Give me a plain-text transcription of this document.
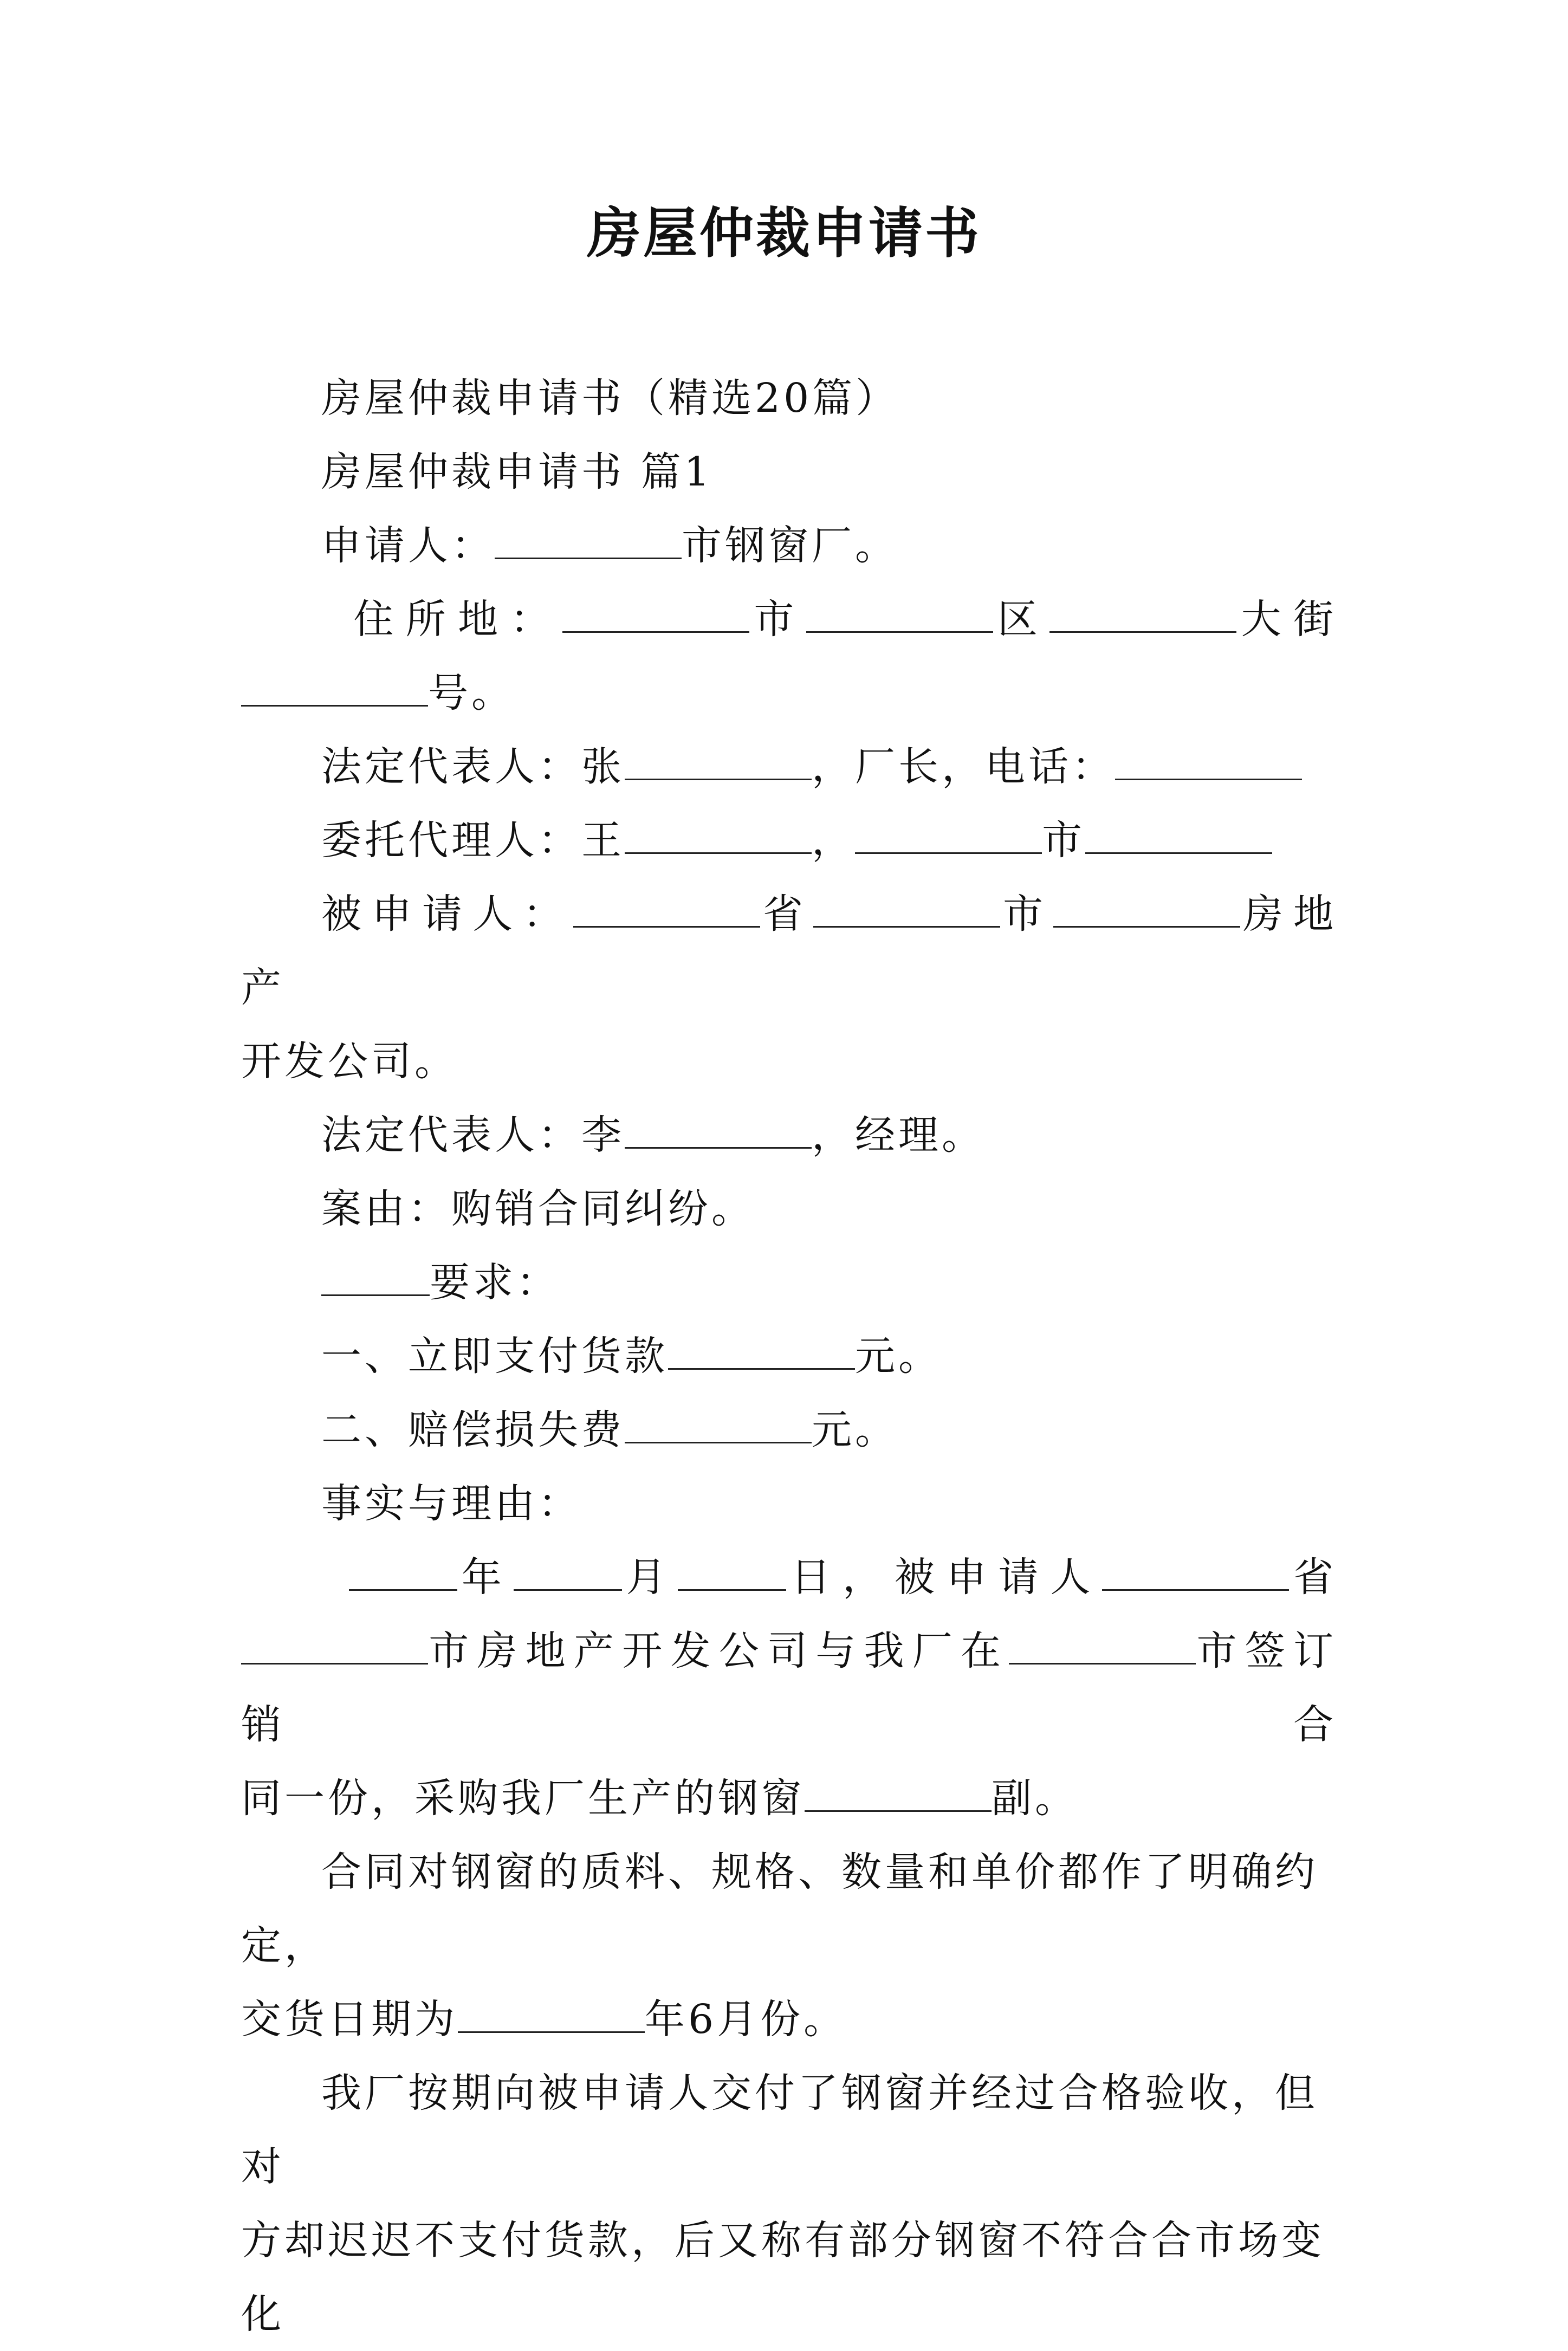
房屋仲裁申请书

房屋仲裁申请书（精选20篇）

房屋仲裁申请书 篇1

申请人：	市钢窗厂。

 住所地：	市	区	大街

号。

法定代表人：张	，厂长，电话：

委托代理人：王	，	市

被申请人：	省	市	房地产

开发公司。

法定代表人：李	，经理。

案由：购销合同纠纷。

要求：

一、立即支付货款	元。

二、赔偿损失费	元。

事实与理由：

 年	月	日，被申请人	省

市房地产开发公司与我厂在	市签订销合

同一份，采购我厂生产的钢窗	副。

合同对钢窗的质料、规格、数量和单价都作了明确约定，

交货日期为	年6月份。

我厂按期向被申请人交付了钢窗并经过合格验收，但对

方却迟迟不支付货款，后又称有部分钢窗不符合合市场变化
